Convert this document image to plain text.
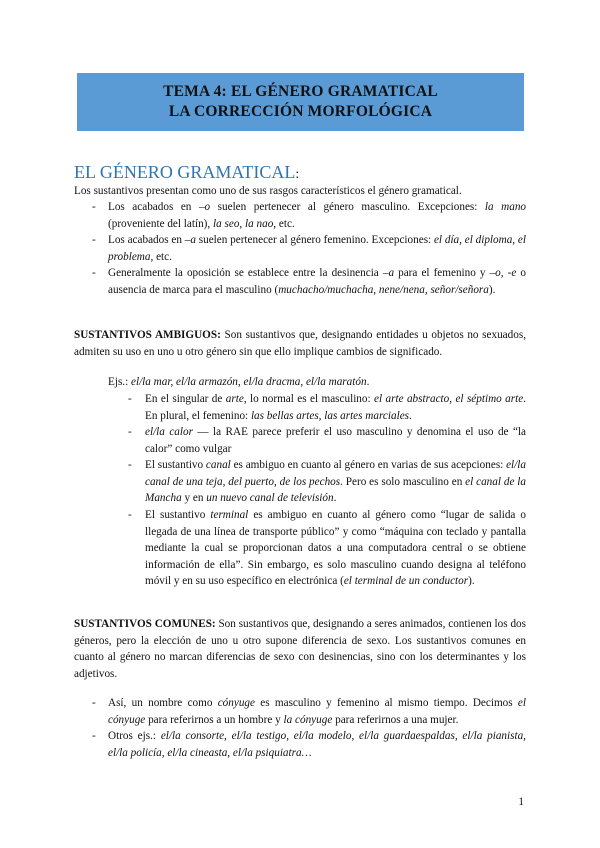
TEMA 4: EL GÉNERO GRAMATICAL
LA CORRECCIÓN MORFOLÓGICA
EL GÉNERO GRAMATICAL:
Los sustantivos presentan como uno de sus rasgos característicos el género gramatical.
- Los acabados en –o suelen pertenecer al género masculino. Excepciones: la mano (proveniente del latín), la seo, la nao, etc.
- Los acabados en –a suelen pertenecer al género femenino. Excepciones: el día, el diploma, el problema, etc.
- Generalmente la oposición se establece entre la desinencia –a para el femenino y –o, -e o ausencia de marca para el masculino (muchacho/muchacha, nene/nena, señor/señora).
SUSTANTIVOS AMBIGUOS: Son sustantivos que, designando entidades u objetos no sexuados, admiten su uso en uno u otro género sin que ello implique cambios de significado.
Ejs.: el/la mar, el/la armazón, el/la dracma, el/la maratón.
- En el singular de arte, lo normal es el masculino: el arte abstracto, el séptimo arte. En plural, el femenino: las bellas artes, las artes marciales.
- el/la calor — la RAE parece preferir el uso masculino y denomina el uso de “la calor” como vulgar
- El sustantivo canal es ambiguo en cuanto al género en varias de sus acepciones: el/la canal de una teja, del puerto, de los pechos. Pero es solo masculino en el canal de la Mancha y en un nuevo canal de televisión.
- El sustantivo terminal es ambiguo en cuanto al género como “lugar de salida o llegada de una línea de transporte público” y como “máquina con teclado y pantalla mediante la cual se proporcionan datos a una computadora central o se obtiene información de ella”. Sin embargo, es solo masculino cuando designa al teléfono móvil y en su uso específico en electrónica (el terminal de un conductor).
SUSTANTIVOS COMUNES: Son sustantivos que, designando a seres animados, contienen los dos géneros, pero la elección de uno u otro supone diferencia de sexo. Los sustantivos comunes en cuanto al género no marcan diferencias de sexo con desinencias, sino con los determinantes y los adjetivos.
- Así, un nombre como cónyuge es masculino y femenino al mismo tiempo. Decimos el cónyuge para referirnos a un hombre y la cónyuge para referirnos a una mujer.
- Otros ejs.: el/la consorte, el/la testigo, el/la modelo, el/la guardaespaldas, el/la pianista, el/la policía, el/la cineasta, el/la psiquiatra…
1
